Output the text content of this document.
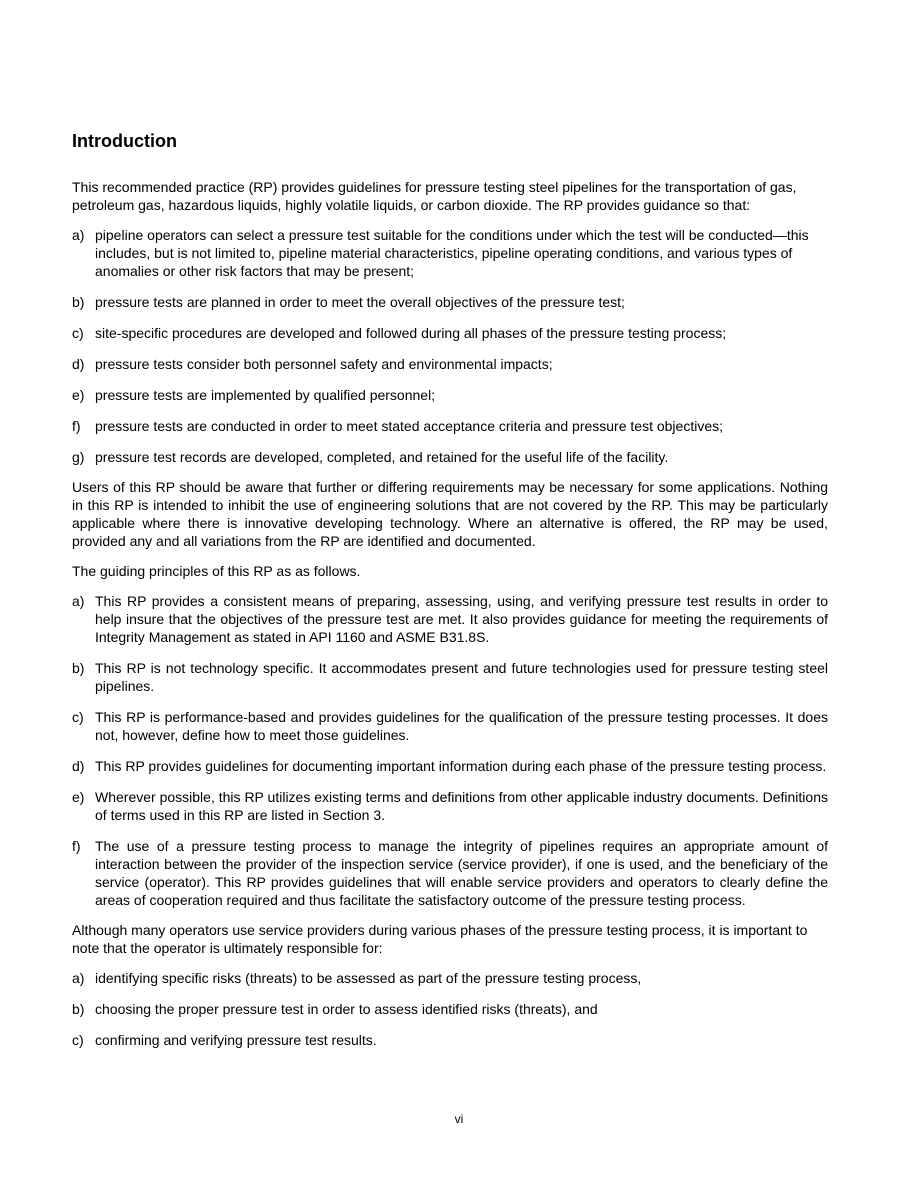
Introduction

This recommended practice (RP) provides guidelines for pressure testing steel pipelines for the transportation of gas, petroleum gas, hazardous liquids, highly volatile liquids, or carbon dioxide. The RP provides guidance so that:

a) pipeline operators can select a pressure test suitable for the conditions under which the test will be conducted—this includes, but is not limited to, pipeline material characteristics, pipeline operating conditions, and various types of anomalies or other risk factors that may be present;
b) pressure tests are planned in order to meet the overall objectives of the pressure test;
c) site-specific procedures are developed and followed during all phases of the pressure testing process;
d) pressure tests consider both personnel safety and environmental impacts;
e) pressure tests are implemented by qualified personnel;
f) pressure tests are conducted in order to meet stated acceptance criteria and pressure test objectives;
g) pressure test records are developed, completed, and retained for the useful life of the facility.

Users of this RP should be aware that further or differing requirements may be necessary for some applications. Nothing in this RP is intended to inhibit the use of engineering solutions that are not covered by the RP. This may be particularly applicable where there is innovative developing technology. Where an alternative is offered, the RP may be used, provided any and all variations from the RP are identified and documented.

The guiding principles of this RP as as follows.

a) This RP provides a consistent means of preparing, assessing, using, and verifying pressure test results in order to help insure that the objectives of the pressure test are met. It also provides guidance for meeting the requirements of Integrity Management as stated in API 1160 and ASME B31.8S.
b) This RP is not technology specific. It accommodates present and future technologies used for pressure testing steel pipelines.
c) This RP is performance-based and provides guidelines for the qualification of the pressure testing processes. It does not, however, define how to meet those guidelines.
d) This RP provides guidelines for documenting important information during each phase of the pressure testing process.
e) Wherever possible, this RP utilizes existing terms and definitions from other applicable industry documents. Definitions of terms used in this RP are listed in Section 3.
f) The use of a pressure testing process to manage the integrity of pipelines requires an appropriate amount of interaction between the provider of the inspection service (service provider), if one is used, and the beneficiary of the service (operator). This RP provides guidelines that will enable service providers and operators to clearly define the areas of cooperation required and thus facilitate the satisfactory outcome of the pressure testing process.

Although many operators use service providers during various phases of the pressure testing process, it is important to note that the operator is ultimately responsible for:

a) identifying specific risks (threats) to be assessed as part of the pressure testing process,
b) choosing the proper pressure test in order to assess identified risks (threats), and
c) confirming and verifying pressure test results.
vi
